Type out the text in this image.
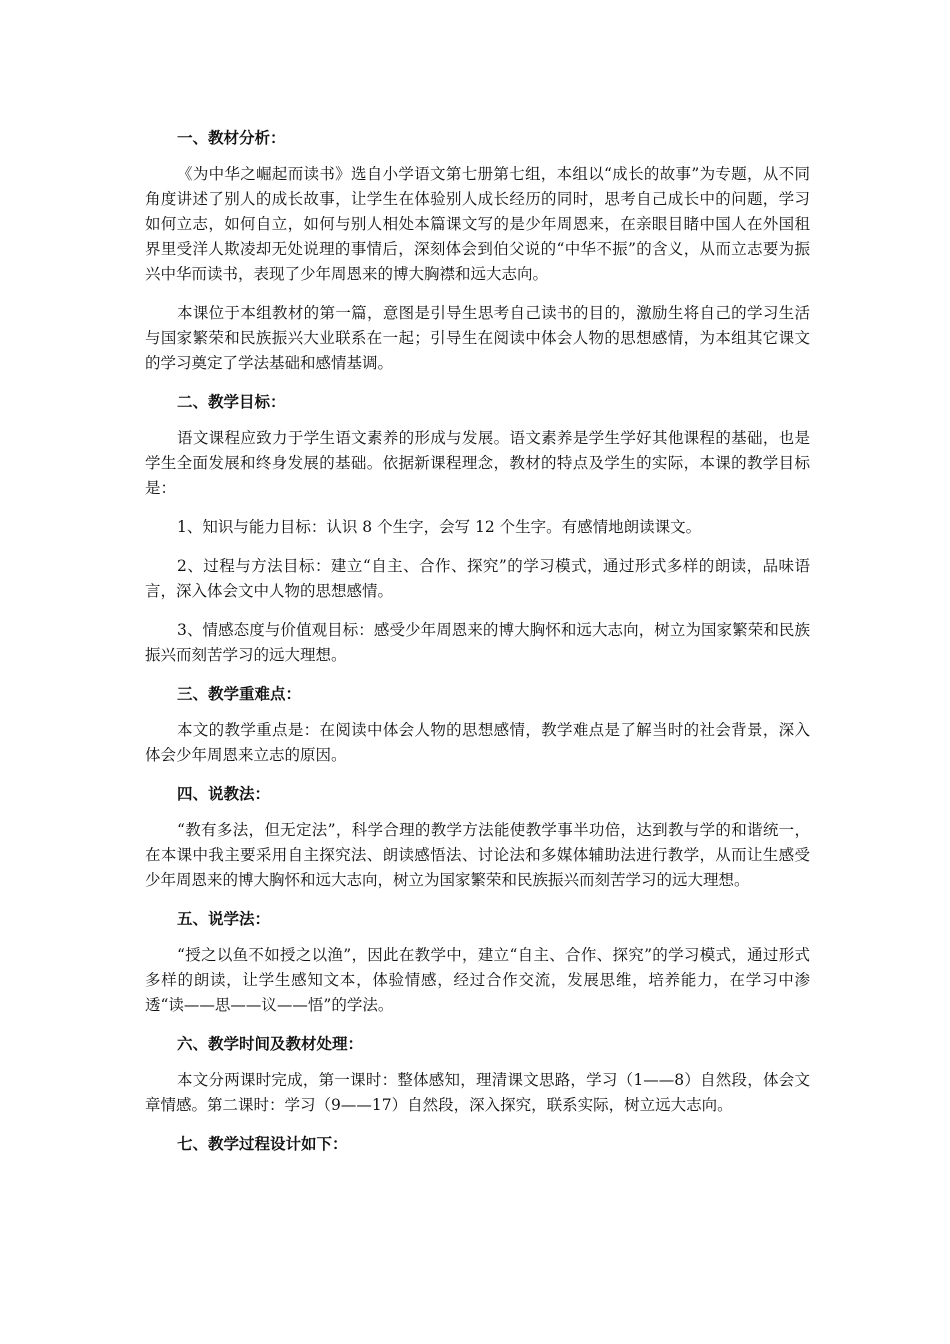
一、教材分析：

《为中华之崛起而读书》选自小学语文第七册第七组，本组以“成长的故事”为专题，从不同角度讲述了别人的成长故事，让学生在体验别人成长经历的同时，思考自己成长中的问题，学习如何立志，如何自立，如何与别人相处本篇课文写的是少年周恩来，在亲眼目睹中国人在外国租界里受洋人欺凌却无处说理的事情后，深刻体会到伯父说的“中华不振”的含义，从而立志要为振兴中华而读书，表现了少年周恩来的博大胸襟和远大志向。

本课位于本组教材的第一篇，意图是引导生思考自己读书的目的，激励生将自己的学习生活与国家繁荣和民族振兴大业联系在一起；引导生在阅读中体会人物的思想感情，为本组其它课文的学习奠定了学法基础和感情基调。

二、教学目标：

语文课程应致力于学生语文素养的形成与发展。语文素养是学生学好其他课程的基础，也是学生全面发展和终身发展的基础。依据新课程理念，教材的特点及学生的实际，本课的教学目标是：

1、知识与能力目标：认识 8 个生字，会写 12 个生字。有感情地朗读课文。

2、过程与方法目标：建立“自主、合作、探究”的学习模式，通过形式多样的朗读，品味语言，深入体会文中人物的思想感情。

3、情感态度与价值观目标：感受少年周恩来的博大胸怀和远大志向，树立为国家繁荣和民族振兴而刻苦学习的远大理想。

三、教学重难点：

本文的教学重点是：在阅读中体会人物的思想感情，教学难点是了解当时的社会背景，深入体会少年周恩来立志的原因。

四、说教法：

“教有多法，但无定法”，科学合理的教学方法能使教学事半功倍，达到教与学的和谐统一，在本课中我主要采用自主探究法、朗读感悟法、讨论法和多媒体辅助法进行教学，从而让生感受少年周恩来的博大胸怀和远大志向，树立为国家繁荣和民族振兴而刻苦学习的远大理想。

五、说学法：

“授之以鱼不如授之以渔”，因此在教学中，建立“自主、合作、探究”的学习模式，通过形式多样的朗读，让学生感知文本，体验情感，经过合作交流，发展思维，培养能力，在学习中渗透“读——思——议——悟”的学法。

六、教学时间及教材处理：

本文分两课时完成，第一课时：整体感知，理清课文思路，学习（1——8）自然段，体会文章情感。第二课时：学习（9——17）自然段，深入探究，联系实际，树立远大志向。

七、教学过程设计如下：
